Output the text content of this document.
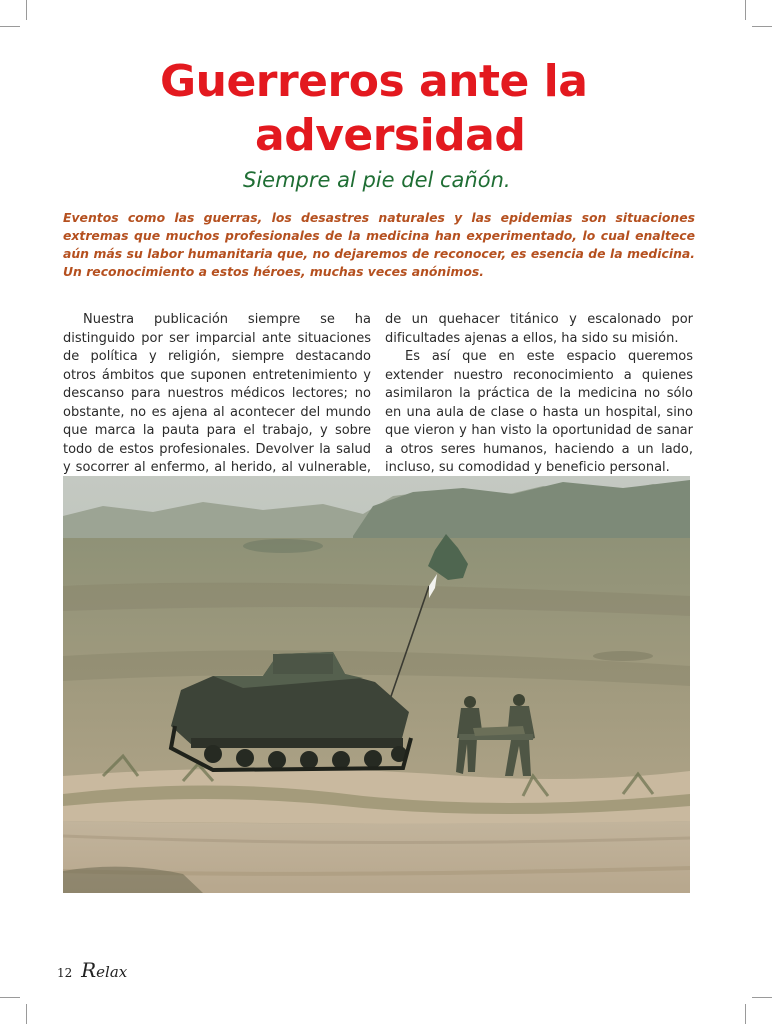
Guerreros ante la
adversidad
Siempre al pie del cañón.

Eventos como las guerras, los desastres naturales y las epidemias son situaciones extremas que muchos profesionales de la medicina han experimentado, lo cual enaltece aún más su labor humanitaria que, no dejaremos de reconocer, es esencia de la medicina. Un reconocimiento a estos héroes, muchas veces anónimos.

Nuestra publicación siempre se ha distinguido por ser imparcial ante situaciones de política y religión, siempre destacando otros ámbitos que suponen entretenimiento y descanso para nuestros médicos lectores; no obstante, no es ajena al acontecer del mundo que marca la pauta para el trabajo, y sobre todo de estos profesionales. Devolver la salud y socorrer al enfermo, al herido, al vulnerable,

de un quehacer titánico y escalonado por dificultades ajenas a ellos, ha sido su misión.

Es así que en este espacio queremos extender nuestro reconocimiento a quienes asimilaron la práctica de la medicina no sólo en una aula de clase o hasta un hospital, sino que vieron y han visto la oportunidad de sanar a otros seres humanos, haciendo a un lado, incluso, su comodidad y beneficio personal.

12 Relax
